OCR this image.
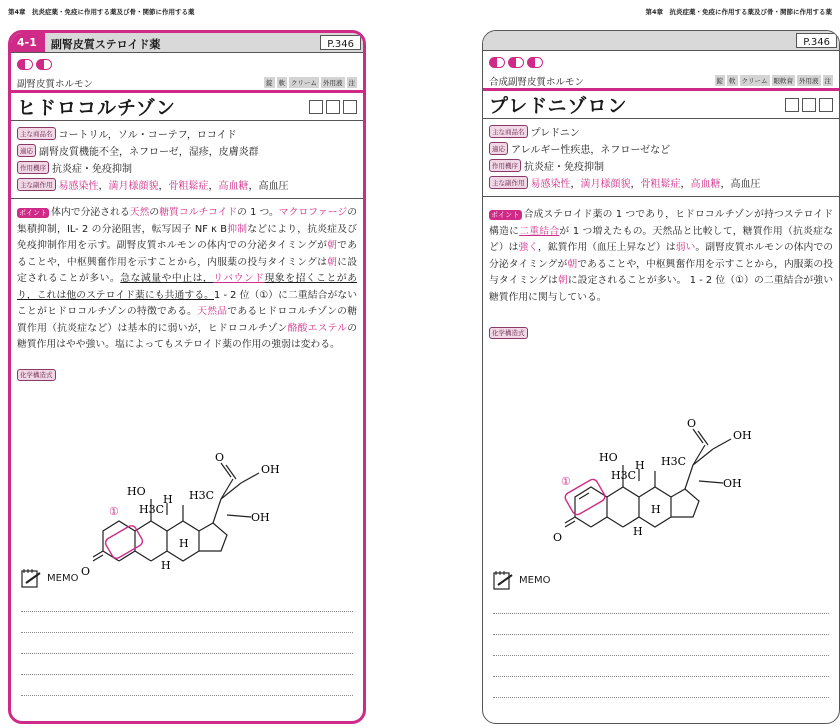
第4章　抗炎症薬・免疫に作用する薬及び骨・関節に作用する薬	第4章　抗炎症薬・免疫に作用する薬及び骨・関節に作用する薬
4-1	副腎皮質ステロイド薬	P.346
副腎皮質ホルモン	錠 軟 クリーム 外用液 注
ヒドロコルチゾン
主な商品名 コートリル，ソル・コーテフ，ロコイド
適応 副腎皮質機能不全，ネフローゼ，湿疹，皮膚炎群
作用機序 抗炎症・免疫抑制
主な副作用 易感染性 ， 満月様顔貌 ， 骨粗鬆症 ， 高血糖 ， 高血圧
ポイント 体内で分泌される天然の糖質コルチコイドの 1 つ。マクロファージの集積抑制，IL- 2 の分泌阻害，転写因子 NF κ B抑制などにより，抗炎症及び免疫抑制作用を示す。副腎皮質ホルモンの体内での分泌タイミングが朝であることや，中枢興奮作用を示すことから，内服薬の投与タイミングは朝に設定されることが多い。急な減量や中止は，リバウンド現象を招くことがあり，これは他のステロイド薬にも共通する。1 - 2 位（①）に二重結合がないことがヒドロコルチゾンの特徴である。天然品であるヒドロコルチゾンの糖質作用（抗炎症など）は基本的に弱いが，ヒドロコルチゾン酪酸エステルの糖質作用はやや強い。塩によってもステロイド薬の作用の強弱は変わる。
化学構造式
①
O
H3C
H3C
HO
H
H
H
O
OH
OH
MEMO
P.346
合成副腎皮質ホルモン	錠 軟 クリーム 眼軟膏 外用液 注
プレドニゾロン
主な商品名 プレドニン
適応 アレルギー性疾患，ネフローゼなど
作用機序 抗炎症・免疫抑制
主な副作用 易感染性 ， 満月様顔貌 ， 骨粗鬆症 ， 高血糖 ， 高血圧
ポイント 合成ステロイド薬の 1 つであり，ヒドロコルチゾンが持つステロイド構造に二重結合が 1 つ増えたもの。天然品と比較して，糖質作用（抗炎症など）は強く，鉱質作用（血圧上昇など）は弱い。副腎皮質ホルモンの体内での分泌タイミングが朝であることや，中枢興奮作用を示すことから，内服薬の投与タイミングは朝に設定されることが多い。 1 - 2 位（①）の二重結合が強い糖質作用に関与している。
化学構造式
①
O
H3C
H3C
HO
H
H
H
O
OH
OH
MEMO
